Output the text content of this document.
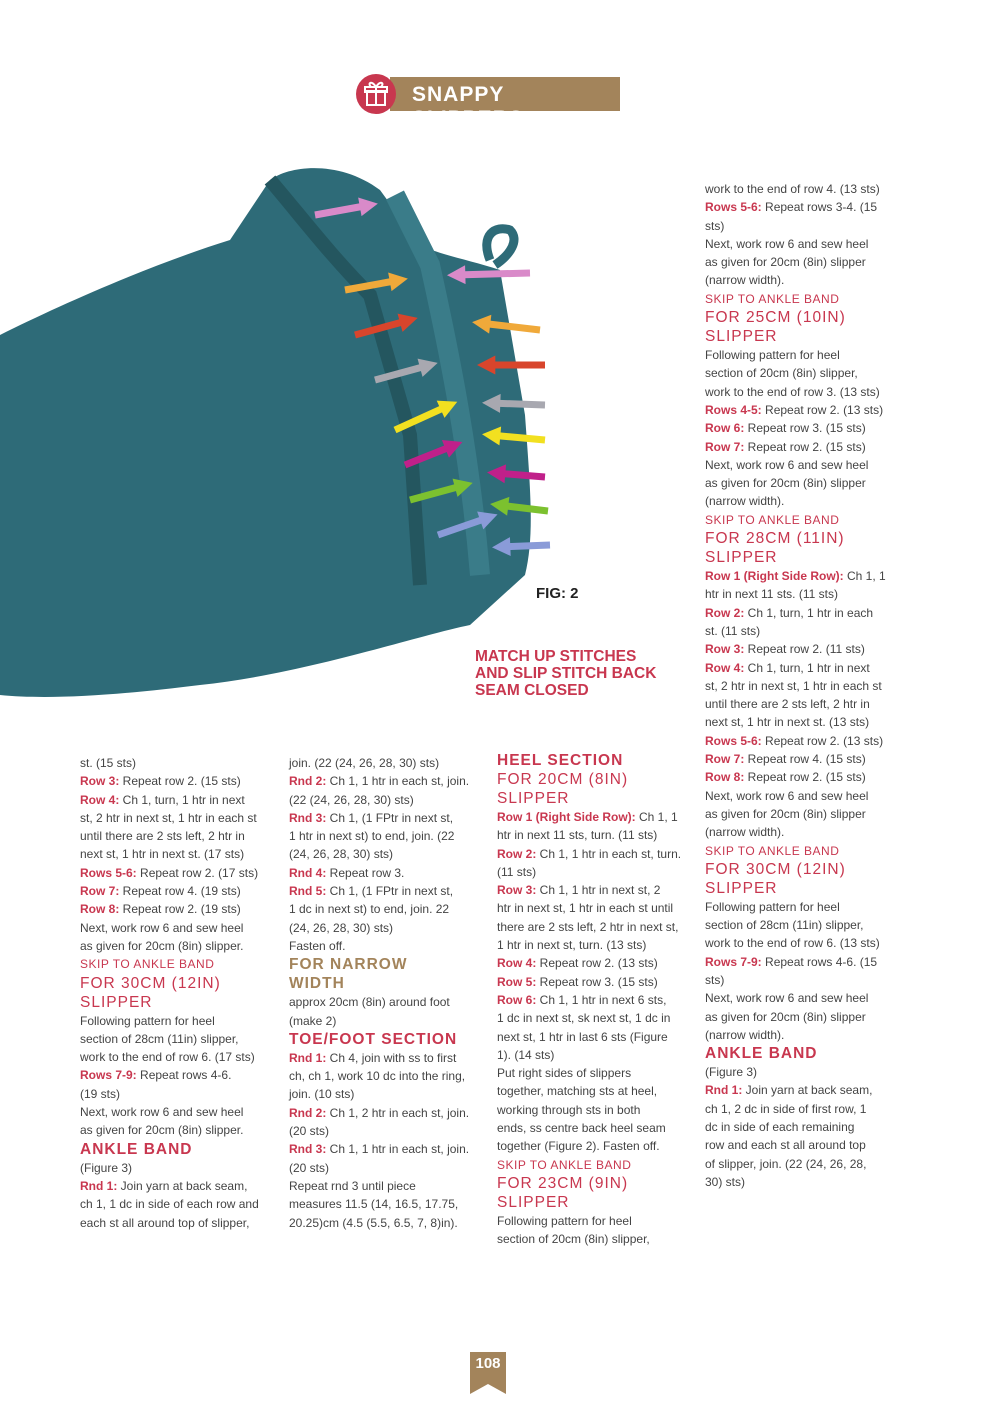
SNAPPY SLIPPERS
FIG: 2
MATCH UP STITCHES
AND SLIP STITCH BACK
SEAM CLOSED

st. (15 sts)

Row 3: Repeat row 2. (15 sts)

Row 4: Ch 1, turn, 1 htr in next

st, 2 htr in next st, 1 htr in each st

until there are 2 sts left, 2 htr in

next st, 1 htr in next st. (17 sts)

Rows 5-6: Repeat row 2. (17 sts)

Row 7: Repeat row 4. (19 sts)

Row 8: Repeat row 2. (19 sts)

Next, work row 6 and sew heel

as given for 20cm (8in) slipper.

SKIP TO ANKLE BAND

FOR 30CM (12IN)

SLIPPER

Following pattern for heel

section of 28cm (11in) slipper,

work to the end of row 6. (17 sts)

Rows 7-9: Repeat rows 4-6.

(19 sts)

Next, work row 6 and sew heel

as given for 20cm (8in) slipper.

ANKLE BAND

(Figure 3)

Rnd 1: Join yarn at back seam,

ch 1, 1 dc in side of each row and

each st all around top of slipper,

join. (22 (24, 26, 28, 30) sts)

Rnd 2: Ch 1, 1 htr in each st, join.

(22 (24, 26, 28, 30) sts)

Rnd 3: Ch 1, (1 FPtr in next st,

1 htr in next st) to end, join. (22

(24, 26, 28, 30) sts)

Rnd 4: Repeat row 3.

Rnd 5: Ch 1, (1 FPtr in next st,

1 dc in next st) to end, join. 22

(24, 26, 28, 30) sts)

Fasten off.

FOR NARROW

WIDTH

approx 20cm (8in) around foot

(make 2)

TOE/FOOT SECTION

Rnd 1: Ch 4, join with ss to first

ch, ch 1, work 10 dc into the ring,

join. (10 sts)

Rnd 2: Ch 1, 2 htr in each st, join.

(20 sts)

Rnd 3: Ch 1, 1 htr in each st, join.

(20 sts)

Repeat rnd 3 until piece

measures 11.5 (14, 16.5, 17.75,

20.25)cm (4.5 (5.5, 6.5, 7, 8)in).

HEEL SECTION

FOR 20CM (8IN)

SLIPPER

Row 1 (Right Side Row): Ch 1, 1

htr in next 11 sts, turn. (11 sts)

Row 2: Ch 1, 1 htr in each st, turn.

(11 sts)

Row 3: Ch 1, 1 htr in next st, 2

htr in next st, 1 htr in each st until

there are 2 sts left, 2 htr in next st,

1 htr in next st, turn. (13 sts)

Row 4: Repeat row 2. (13 sts)

Row 5: Repeat row 3. (15 sts)

Row 6: Ch 1, 1 htr in next 6 sts,

1 dc in next st, sk next st, 1 dc in

next st, 1 htr in last 6 sts (Figure

1). (14 sts)

Put right sides of slippers

together, matching sts at heel,

working through sts in both

ends, ss centre back heel seam

together (Figure 2). Fasten off.

SKIP TO ANKLE BAND

FOR 23CM (9IN)

SLIPPER

Following pattern for heel

section of 20cm (8in) slipper,

work to the end of row 4. (13 sts)

Rows 5-6: Repeat rows 3-4. (15

sts)

Next, work row 6 and sew heel

as given for 20cm (8in) slipper

(narrow width).

SKIP TO ANKLE BAND

FOR 25CM (10IN)

SLIPPER

Following pattern for heel

section of 20cm (8in) slipper,

work to the end of row 3. (13 sts)

Rows 4-5: Repeat row 2. (13 sts)

Row 6: Repeat row 3. (15 sts)

Row 7: Repeat row 2. (15 sts)

Next, work row 6 and sew heel

as given for 20cm (8in) slipper

(narrow width).

SKIP TO ANKLE BAND

FOR 28CM (11IN)

SLIPPER

Row 1 (Right Side Row): Ch 1, 1

htr in next 11 sts. (11 sts)

Row 2: Ch 1, turn, 1 htr in each

st. (11 sts)

Row 3: Repeat row 2. (11 sts)

Row 4: Ch 1, turn, 1 htr in next

st, 2 htr in next st, 1 htr in each st

until there are 2 sts left, 2 htr in

next st, 1 htr in next st. (13 sts)

Rows 5-6: Repeat row 2. (13 sts)

Row 7: Repeat row 4. (15 sts)

Row 8: Repeat row 2. (15 sts)

Next, work row 6 and sew heel

as given for 20cm (8in) slipper

(narrow width).

SKIP TO ANKLE BAND

FOR 30CM (12IN)

SLIPPER

Following pattern for heel

section of 28cm (11in) slipper,

work to the end of row 6. (13 sts)

Rows 7-9: Repeat rows 4-6. (15

sts)

Next, work row 6 and sew heel

as given for 20cm (8in) slipper

(narrow width).

ANKLE BAND

(Figure 3)

Rnd 1: Join yarn at back seam,

ch 1, 2 dc in side of first row, 1

dc in side of each remaining

row and each st all around top

of slipper, join. (22 (24, 26, 28,

30) sts)

108
